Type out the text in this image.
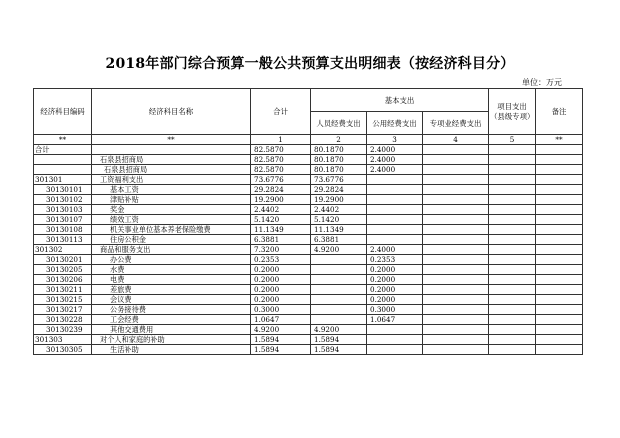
2018年部门综合预算一般公共预算支出明细表（按经济科目分）
单位：万元
经济科目编码	经济科目名称	合计	基本支出			项目支出（县级专项）	备注
			人员经费支出	公用经费支出	专项业经费支出		
**	**	1	2	3	4	5	**
合计		82.5870	80.1870	2.4000			
	石泉县招商局	82.5870	80.1870	2.4000			
	石泉县招商局	82.5870	80.1870	2.4000			
301301	工资福利支出	73.6776	73.6776				
30130101	基本工资	29.2824	29.2824				
30130102	津贴补贴	19.2900	19.2900				
30130103	奖金	2.4402	2.4402				
30130107	绩效工资	5.1420	5.1420				
30130108	机关事业单位基本养老保险缴费	11.1349	11.1349				
30130113	住房公积金	6.3881	6.3881				
301302	商品和服务支出	7.3200	4.9200	2.4000			
30130201	办公费	0.2353		0.2353			
30130205	水费	0.2000		0.2000			
30130206	电费	0.2000		0.2000			
30130211	差旅费	0.2000		0.2000			
30130215	会议费	0.2000		0.2000			
30130217	公务接待费	0.3000		0.3000			
30130228	工会经费	1.0647		1.0647			
30130239	其他交通费用	4.9200	4.9200				
301303	对个人和家庭的补助	1.5894	1.5894				
30130305	生活补助	1.5894	1.5894				
